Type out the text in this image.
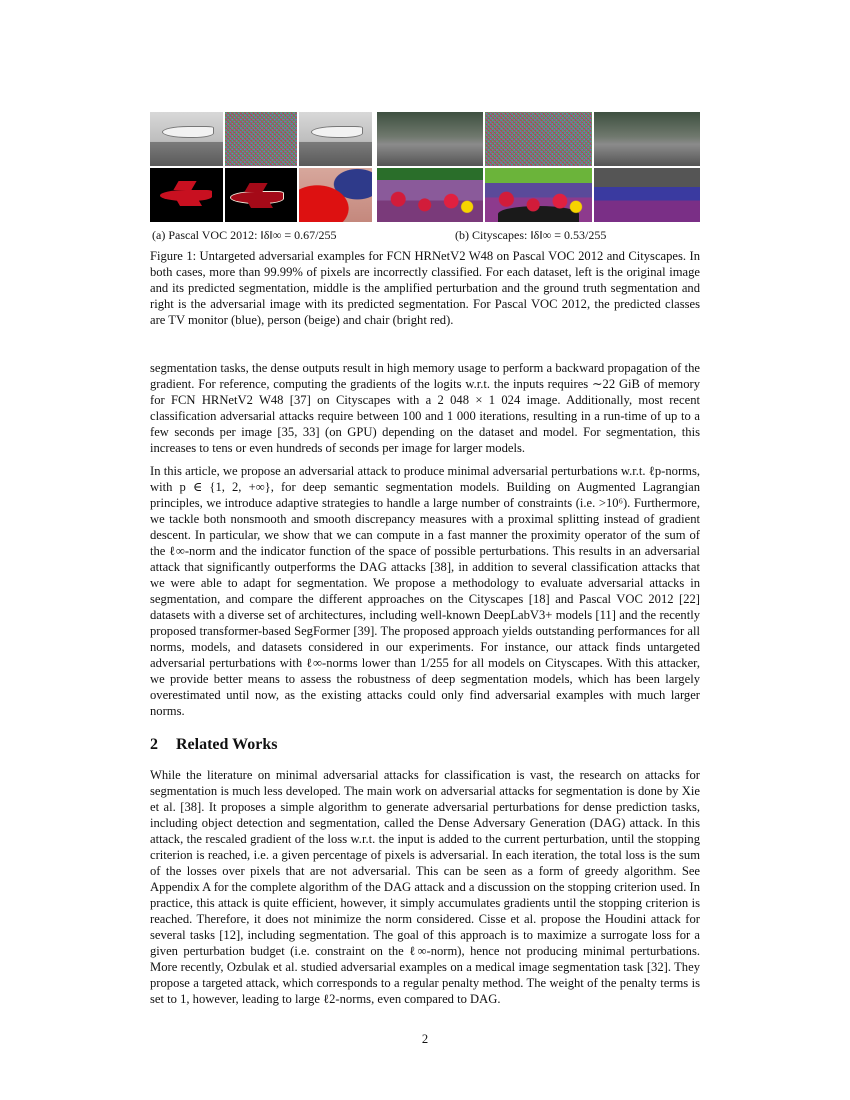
(a) Pascal VOC 2012: ‖δ‖∞ = 0.67/255	(b) Cityscapes: ‖δ‖∞ = 0.53/255
Figure 1: Untargeted adversarial examples for FCN HRNetV2 W48 on Pascal VOC 2012 and Cityscapes. In both cases, more than 99.99% of pixels are incorrectly classified. For each dataset, left is the original image and its predicted segmentation, middle is the amplified perturbation and the ground truth segmentation and right is the adversarial image with its predicted segmentation. For Pascal VOC 2012, the predicted classes are TV monitor (blue), person (beige) and chair (bright red).

segmentation tasks, the dense outputs result in high memory usage to perform a backward propagation of the gradient. For reference, computing the gradients of the logits w.r.t. the inputs requires ∼22 GiB of memory for FCN HRNetV2 W48 [37] on Cityscapes with a 2 048 × 1 024 image. Additionally, most recent classification adversarial attacks require between 100 and 1 000 iterations, resulting in a run-time of up to a few seconds per image [35, 33] (on GPU) depending on the dataset and model. For segmentation, this increases to tens or even hundreds of seconds per image for larger models.

In this article, we propose an adversarial attack to produce minimal adversarial perturbations w.r.t. ℓp-norms, with p ∈ {1, 2, +∞}, for deep semantic segmentation models. Building on Augmented Lagrangian principles, we introduce adaptive strategies to handle a large number of constraints (i.e. >10⁶). Furthermore, we tackle both nonsmooth and smooth discrepancy measures with a proximal splitting instead of gradient descent. In particular, we show that we can compute in a fast manner the proximity operator of the sum of the ℓ∞-norm and the indicator function of the space of possible perturbations. This results in an adversarial attack that significantly outperforms the DAG attacks [38], in addition to several classification attacks that we were able to adapt for segmentation. We propose a methodology to evaluate adversarial attacks in segmentation, and compare the different approaches on the Cityscapes [18] and Pascal VOC 2012 [22] datasets with a diverse set of architectures, including well-known DeepLabV3+ models [11] and the recently proposed transformer-based SegFormer [39]. The proposed approach yields outstanding performances for all norms, models, and datasets considered in our experiments. For instance, our attack finds untargeted adversarial perturbations with ℓ∞-norms lower than 1/255 for all models on Cityscapes. With this attacker, we provide better means to assess the robustness of deep segmentation models, which has been largely overestimated until now, as the existing attacks could only find adversarial examples with much larger norms.

2 Related Works

While the literature on minimal adversarial attacks for classification is vast, the research on attacks for segmentation is much less developed. The main work on adversarial attacks for segmentation is done by Xie et al. [38]. It proposes a simple algorithm to generate adversarial perturbations for dense prediction tasks, including object detection and segmentation, called the Dense Adversary Generation (DAG) attack. In this attack, the rescaled gradient of the loss w.r.t. the input is added to the current perturbation, until the stopping criterion is reached, i.e. a given percentage of pixels is adversarial. In each iteration, the total loss is the sum of the losses over pixels that are not adversarial. This can be seen as a form of greedy algorithm. See Appendix A for the complete algorithm of the DAG attack and a discussion on the stopping criterion used. In practice, this attack is quite efficient, however, it simply accumulates gradients until the stopping criterion is reached. Therefore, it does not minimize the norm considered. Cisse et al. propose the Houdini attack for several tasks [12], including segmentation. The goal of this approach is to maximize a surrogate loss for a given perturbation budget (i.e. constraint on the ℓ∞-norm), hence not producing minimal perturbations. More recently, Ozbulak et al. studied adversarial examples on a medical image segmentation task [32]. They propose a targeted attack, which corresponds to a regular penalty method. The weight of the penalty terms is set to 1, however, leading to large ℓ2-norms, even compared to DAG.

2
